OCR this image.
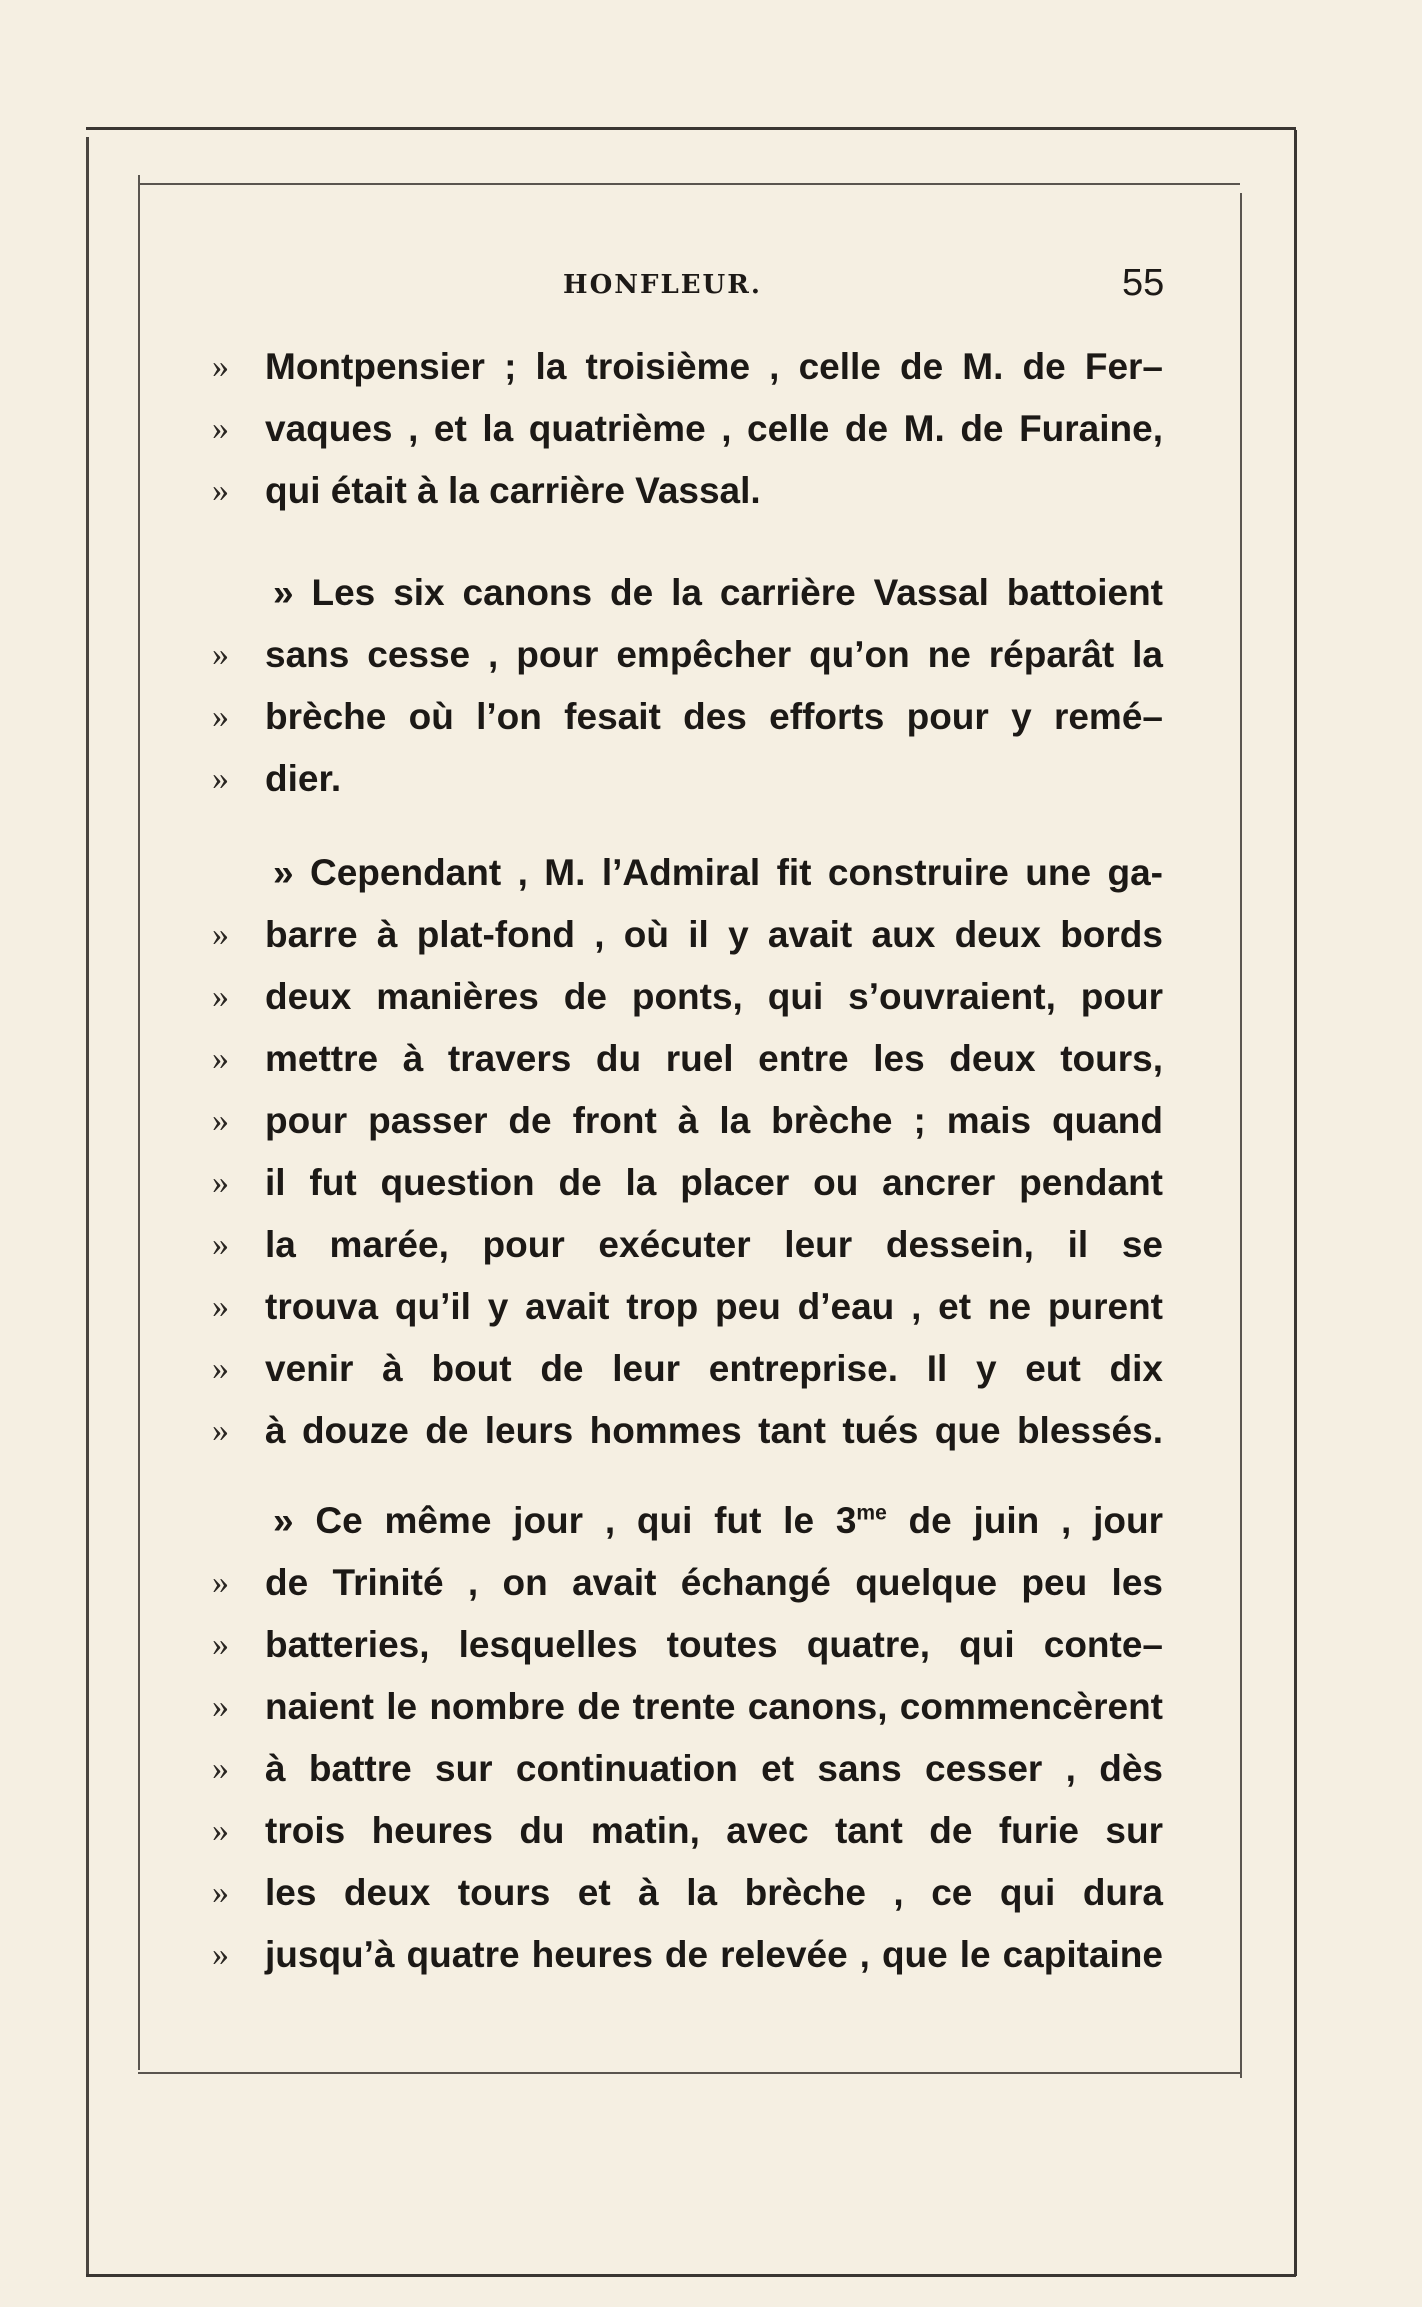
HONFLEUR.	55
» Montpensier ; la troisième , celle de M. de Fer–
» vaques , et la quatrième , celle de M. de Furaine,
» qui était à la carrière Vassal.
» Les six canons de la carrière Vassal battoient
» sans cesse , pour empêcher qu’on ne réparât la
» brèche où l’on fesait des efforts pour y remé–
» dier.
» Cependant , M. l’Admiral fit construire une ga-
» barre à plat-fond , où il y avait aux deux bords
» deux manières de ponts, qui s’ouvraient, pour
» mettre à travers du ruel entre les deux tours,
» pour passer de front à la brèche ; mais quand
» il fut question de la placer ou ancrer pendant
» la marée, pour exécuter leur dessein, il se
» trouva qu’il y avait trop peu d’eau , et ne purent
» venir à bout de leur entreprise. Il y eut dix
» à douze de leurs hommes tant tués que blessés.
» Ce même jour , qui fut le $3^{me}$ de juin , jour
» de Trinité , on avait échangé quelque peu les
» batteries, lesquelles toutes quatre, qui conte–
» naient le nombre de trente canons, commencèrent
» à battre sur continuation et sans cesser , dès
» trois heures du matin, avec tant de furie sur
» les deux tours et à la brèche , ce qui dura
» jusqu’à quatre heures de relevée , que le capitaine
